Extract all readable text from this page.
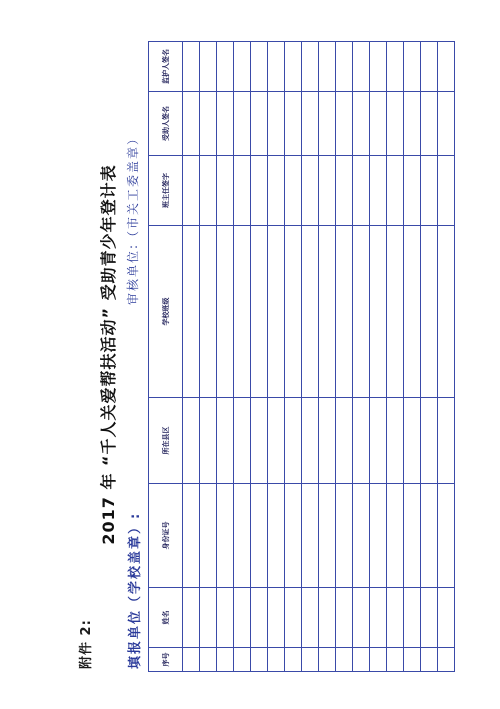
附件 2:
2017 年 “千人关爱帮扶活动” 受助青少年登计表
填报单位（学校盖章）:
审核单位:（市关工委盖章）
序号	姓名	身份证号	所在县区	学校班级	班主任签字	受助人签名	监护人签名
